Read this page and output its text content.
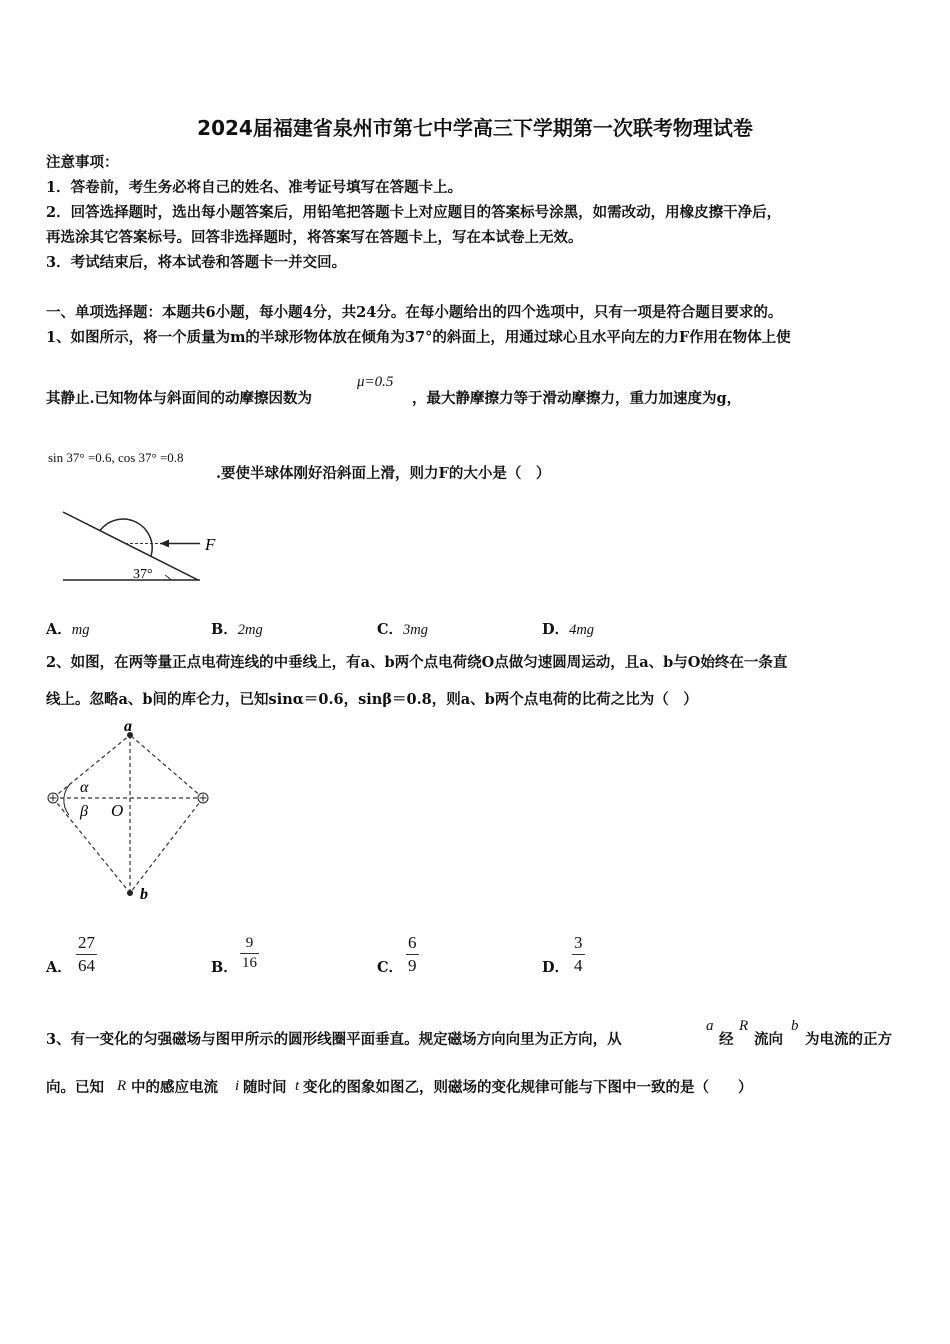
2024届福建省泉州市第七中学高三下学期第一次联考物理试卷
注意事项：
1．答卷前，考生务必将自己的姓名、准考证号填写在答题卡上。
2．回答选择题时，选出每小题答案后，用铅笔把答题卡上对应题目的答案标号涂黑，如需改动，用橡皮擦干净后，
再选涂其它答案标号。回答非选择题时，将答案写在答题卡上，写在本试卷上无效。
3．考试结束后，将本试卷和答题卡一并交回。
一、单项选择题：本题共6小题，每小题4分，共24分。在每小题给出的四个选项中，只有一项是符合题目要求的。
1、如图所示，将一个质量为m的半球形物体放在倾角为37°的斜面上，用通过球心且水平向左的力F作用在物体上使
其静止.已知物体与斜面间的动摩擦因数为
μ=0.5
，最大静摩擦力等于滑动摩擦力，重力加速度为g，
sin 37° =0.6, cos 37° =0.8
.要使半球体刚好沿斜面上滑，则力F的大小是（　）
F
37°
A．mg	B．2mg	C．3mg	D．4mg
2、如图，在两等量正点电荷连线的中垂线上，有a、b两个点电荷绕O点做匀速圆周运动，且a、b与O始终在一条直
线上。忽略a、b间的库仑力，已知sinα＝0.6，sinβ＝0.8，则a、b两个点电荷的比荷之比为（　）
a
b
O
α
β
A．
27
64	B．
9
16	C．
6
9	D．
3
4
3、有一变化的匀强磁场与图甲所示的圆形线圈平面垂直。规定磁场方向向里为正方向，从
a
经
R
流向
b
为电流的正方
向。已知 R 中的感应电流 i 随时间 t 变化的图象如图乙，则磁场的变化规律可能与下图中一致的是（　　）
